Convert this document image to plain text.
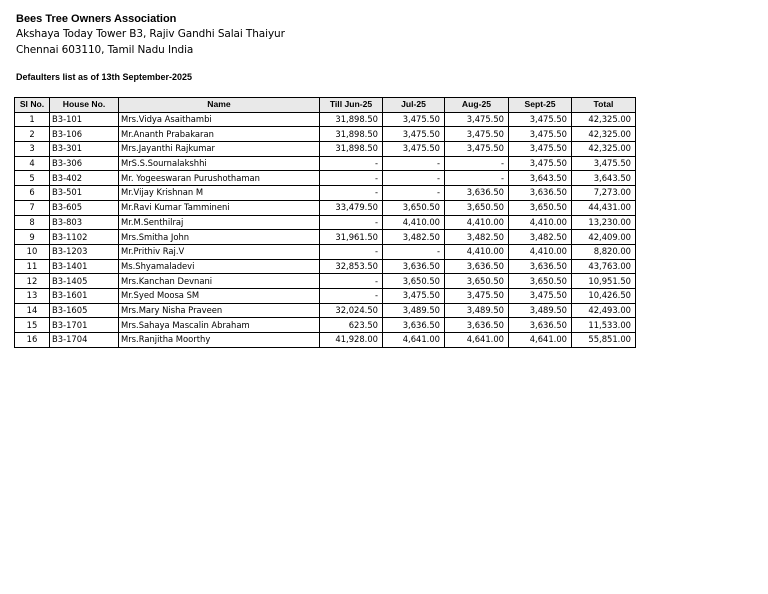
Bees Tree Owners Association
Akshaya Today Tower B3, Rajiv Gandhi Salai Thaiyur
Chennai 603110, Tamil Nadu India
Defaulters list as of 13th September-2025
Sl No.	House No.	Name	Till Jun-25	Jul-25	Aug-25	Sept-25	Total
1	B3-101	Mrs.Vidya Asaithambi	31,898.50	3,475.50	3,475.50	3,475.50	42,325.00
2	B3-106	Mr.Ananth Prabakaran	31,898.50	3,475.50	3,475.50	3,475.50	42,325.00
3	B3-301	Mrs.Jayanthi Rajkumar	31,898.50	3,475.50	3,475.50	3,475.50	42,325.00
4	B3-306	MrS.S.Sournalakshhi	-	-	-	3,475.50	3,475.50
5	B3-402	Mr. Yogeeswaran Purushothaman	-	-	-	3,643.50	3,643.50
6	B3-501	Mr.Vijay Krishnan M	-	-	3,636.50	3,636.50	7,273.00
7	B3-605	Mr.Ravi Kumar Tammineni	33,479.50	3,650.50	3,650.50	3,650.50	44,431.00
8	B3-803	Mr.M.Senthilraj	-	4,410.00	4,410.00	4,410.00	13,230.00
9	B3-1102	Mrs.Smitha John	31,961.50	3,482.50	3,482.50	3,482.50	42,409.00
10	B3-1203	Mr.Prithiv Raj.V	-	-	4,410.00	4,410.00	8,820.00
11	B3-1401	Ms.Shyamaladevi	32,853.50	3,636.50	3,636.50	3,636.50	43,763.00
12	B3-1405	Mrs.Kanchan Devnani	-	3,650.50	3,650.50	3,650.50	10,951.50
13	B3-1601	Mr.Syed Moosa SM	-	3,475.50	3,475.50	3,475.50	10,426.50
14	B3-1605	Mrs.Mary Nisha Praveen	32,024.50	3,489.50	3,489.50	3,489.50	42,493.00
15	B3-1701	Mrs.Sahaya Mascalin Abraham	623.50	3,636.50	3,636.50	3,636.50	11,533.00
16	B3-1704	Mrs.Ranjitha Moorthy	41,928.00	4,641.00	4,641.00	4,641.00	55,851.00
